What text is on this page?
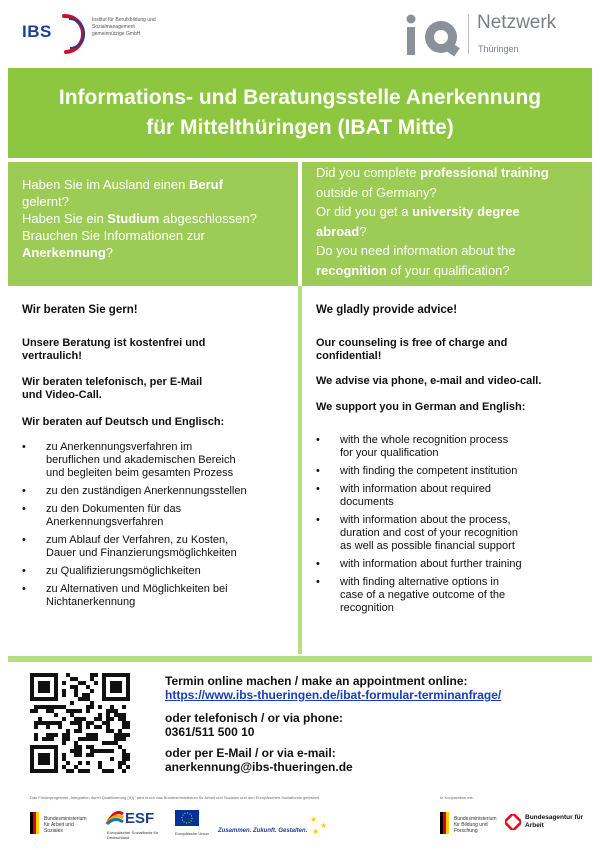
IBS
Institut für Berufsbildung und Sozialmanagement gemeinnützige GmbH
Netzwerk
Thüringen
Informations- und Beratungsstelle Anerkennung
für Mittelthüringen (IBAT Mitte)
Haben Sie im Ausland einen Beruf
gelernt?
Haben Sie ein Studium abgeschlossen?
Brauchen Sie Informationen zur
Anerkennung?
Did you complete professional training
outside of Germany?
Or did you get a university degree
abroad?
Do you need information about the
recognition of your qualification?
Wir beraten Sie gern!
Unsere Beratung ist kostenfrei und
vertraulich!
Wir beraten telefonisch, per E-Mail
und Video-Call.
Wir beraten auf Deutsch und Englisch:
• zu Anerkennungsverfahren im
beruflichen und akademischen Bereich
und begleiten beim gesamten Prozess
• zu den zuständigen Anerkennungsstellen
• zu den Dokumenten für das
Anerkennungsverfahren
• zum Ablauf der Verfahren, zu Kosten,
Dauer und Finanzierungsmöglichkeiten
• zu Qualifizierungsmöglichkeiten
• zu Alternativen und Möglichkeiten bei
Nichtanerkennung
We gladly provide advice!
Our counseling is free of charge and
confidential!
We advise via phone, e-mail and video-call.
We support you in German and English:
• with the whole recognition process
for your qualification
• with finding the competent institution
• with information about required
documents
• with information about the process,
duration and cost of your recognition
as well as possible financial support
• with information about further training
• with finding alternative options in
case of a negative outcome of the
recognition
Termin online machen / make an appointment online:
https://www.ibs-thueringen.de/ibat-formular-terminanfrage/
oder telefonisch / or via phone:
0361/511 500 10
oder per E-Mail / or via e-mail:
anerkennung@ibs-thueringen.de
Das Förderprogramm „Integration durch Qualifizierung (IQ)“ wird durch das Bundesministerium für Arbeit und Soziales und den Europäischen Sozialfonds gefördert.	In Kooperation mit:
Bundesministerium für Arbeit und Soziales
ESF
Europäischer Sozialfonds für Deutschland
Europäische Union	Zusammen. Zukunft. Gestalten.
★
★
★
Bundesministerium für Bildung und Forschung
Bundesagentur für Arbeit
